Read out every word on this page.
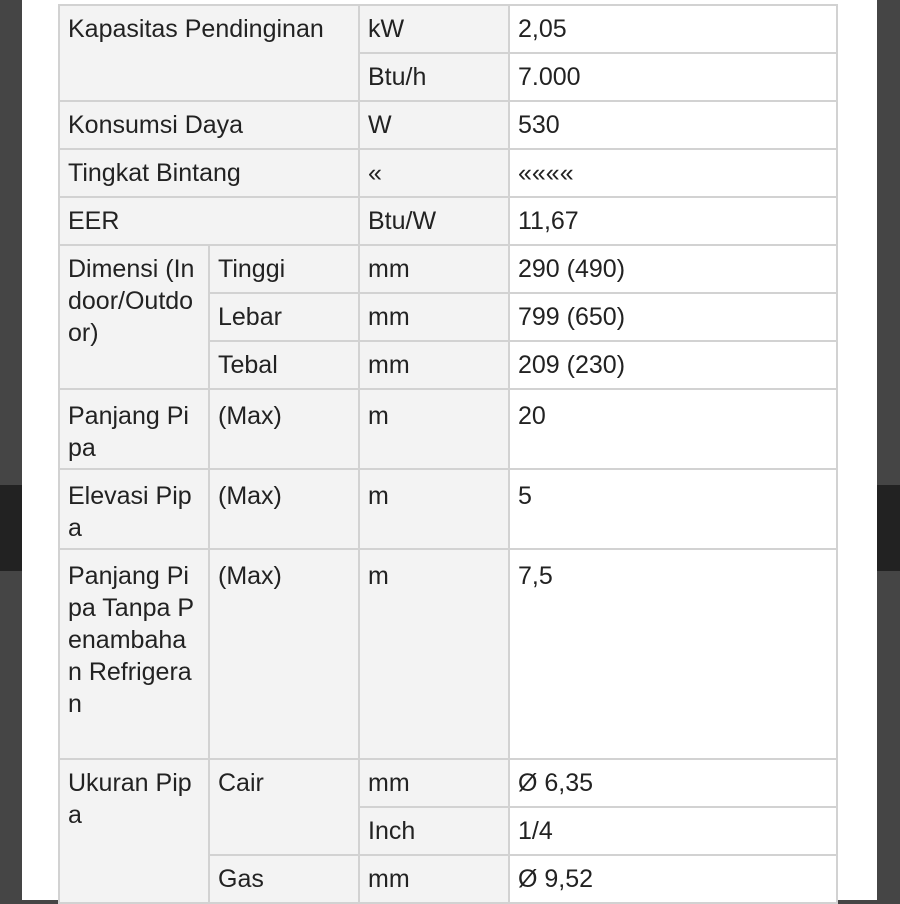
Kapasitas Pendinginan		kW	2,05
		Btu/h	7.000
Konsumsi Daya		W	530
Tingkat Bintang		«	««««
EER		Btu/W	11,67
Dimensi (Indoor/Outdoor)	Tinggi	mm	290 (490)
	Lebar	mm	799 (650)
	Tebal	mm	209 (230)
Panjang Pipa	(Max)	m	20
Elevasi Pipa	(Max)	m	5
Panjang Pipa Tanpa Penambahan Refrigeran	(Max)	m	7,5
Ukuran Pipa	Cair	mm	Ø 6,35
		Inch	1/4
	Gas	mm	Ø 9,52
